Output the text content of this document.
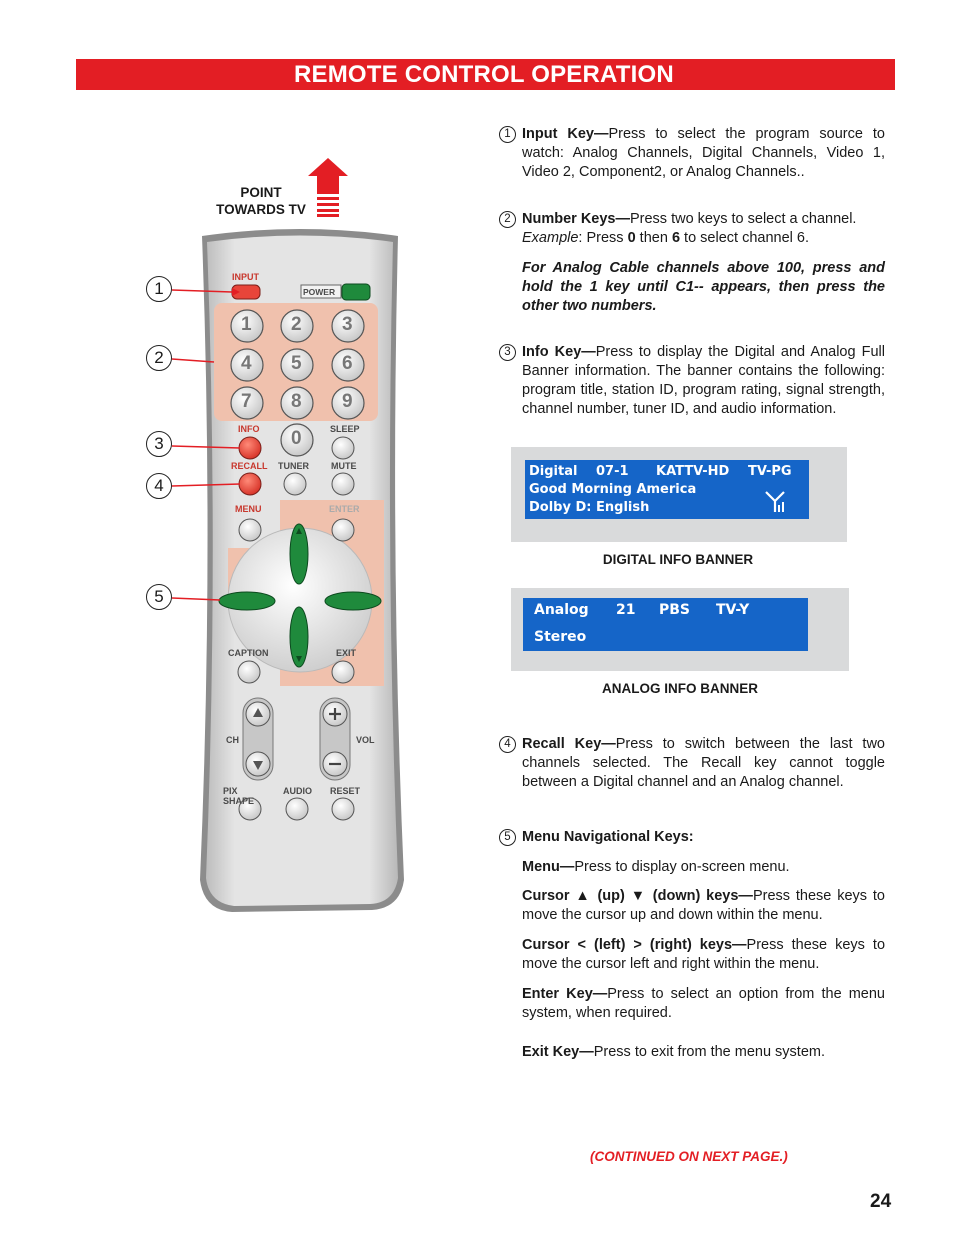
REMOTE CONTROL OPERATION
POINT
TOWARDS TV
1
2
3
4
5
INPUT
POWER
INFO	SLEEP
RECALL TUNER MUTE
MENU	ENTER
CAPTION	EXIT
CH	VOL
PIX SHAPE
AUDIO RESET
1 2 3
4 5 6
7 8 9
0
1 Input Key—Press to select the program source to watch: Analog Channels, Digital Channels, Video 1, Video 2, Component2, or Analog Channels..
2 Number Keys—Press two keys to select a channel.
Example: Press 0 then 6 to select channel 6.
For Analog Cable channels above 100, press and hold the 1 key until C1-- appears, then press the other two numbers.
3 Info Key—Press to display the Digital and Analog Full Banner information. The banner contains the following: program title, station ID, program rating, signal strength, channel number, tuner ID, and audio information.
4 Recall Key—Press to switch between the last two channels selected. The Recall key cannot toggle between a Digital channel and an Analog channel.
5 Menu Navigational Keys:
Menu—Press to display on-screen menu.
Cursor ▲ (up) ▼ (down) keys—Press these keys to move the cursor up and down within the menu.
Cursor < (left) > (right) keys—Press these keys to move the cursor left and right within the menu.
Enter Key—Press to select an option from the menu system, when required.
Exit Key—Press to exit from the menu system.
Digital 07-1 KATTV-HD TV-PG
Good Morning America
Dolby D: English
DIGITAL INFO BANNER
Analog 21 PBS TV-Y
Stereo
ANALOG INFO BANNER
(CONTINUED ON NEXT PAGE.)
24
